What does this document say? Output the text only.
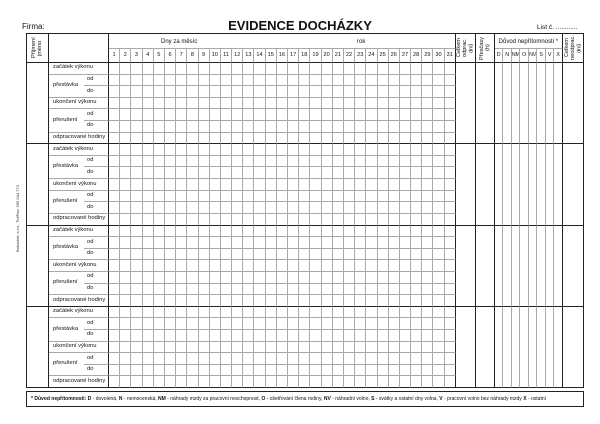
Firma:	EVIDENCE DOCHÁZKY	List č. ............
Baloušek, s.r.o., Tel/Fax: 555 044 774
Příjmení jméno			Dny za měsíc rok																															Celkem odprac. dnů	Přesčasy (h)	Důvod nepřítomnosti *								Celkem neodprac. dnů

			1	2	3	4	5	6	7	8	9	10	11	12	13	14	15	16	17	18	19	20	21	22	23	24	25	26	27	28	29	30	31			D	N	NM	O	NV	S	V	X	
	začátek výkonu																																											
	přestávka	od																																										
		do																																										
	ukončení výkonu																																											
	přerušení	od																																										
		do																																										
	odpracované hodiny																																											
	začátek výkonu																																											
	přestávka	od																																										
		do																																										
	ukončení výkonu																																											
	přerušení	od																																										
		do																																										
	odpracované hodiny																																											
	začátek výkonu																																											
	přestávka	od																																										
		do																																										
	ukončení výkonu																																											
	přerušení	od																																										
		do																																										
	odpracované hodiny																																											
	začátek výkonu																																											
	přestávka	od																																										
		do																																										
	ukončení výkonu																																											
	přerušení	od																																										
		do																																										
	odpracované hodiny																																											
* Důvod nepřítomnosti: D - dovolená, N - nemocenská, NM - náhrady mzdy za pracovní neschopnost, O - ošetřování člena rodiny, NV - náhradní volno, S - svátky a ostatní dny volna, V - pracovní volno bez náhrady mzdy X - ostatní
